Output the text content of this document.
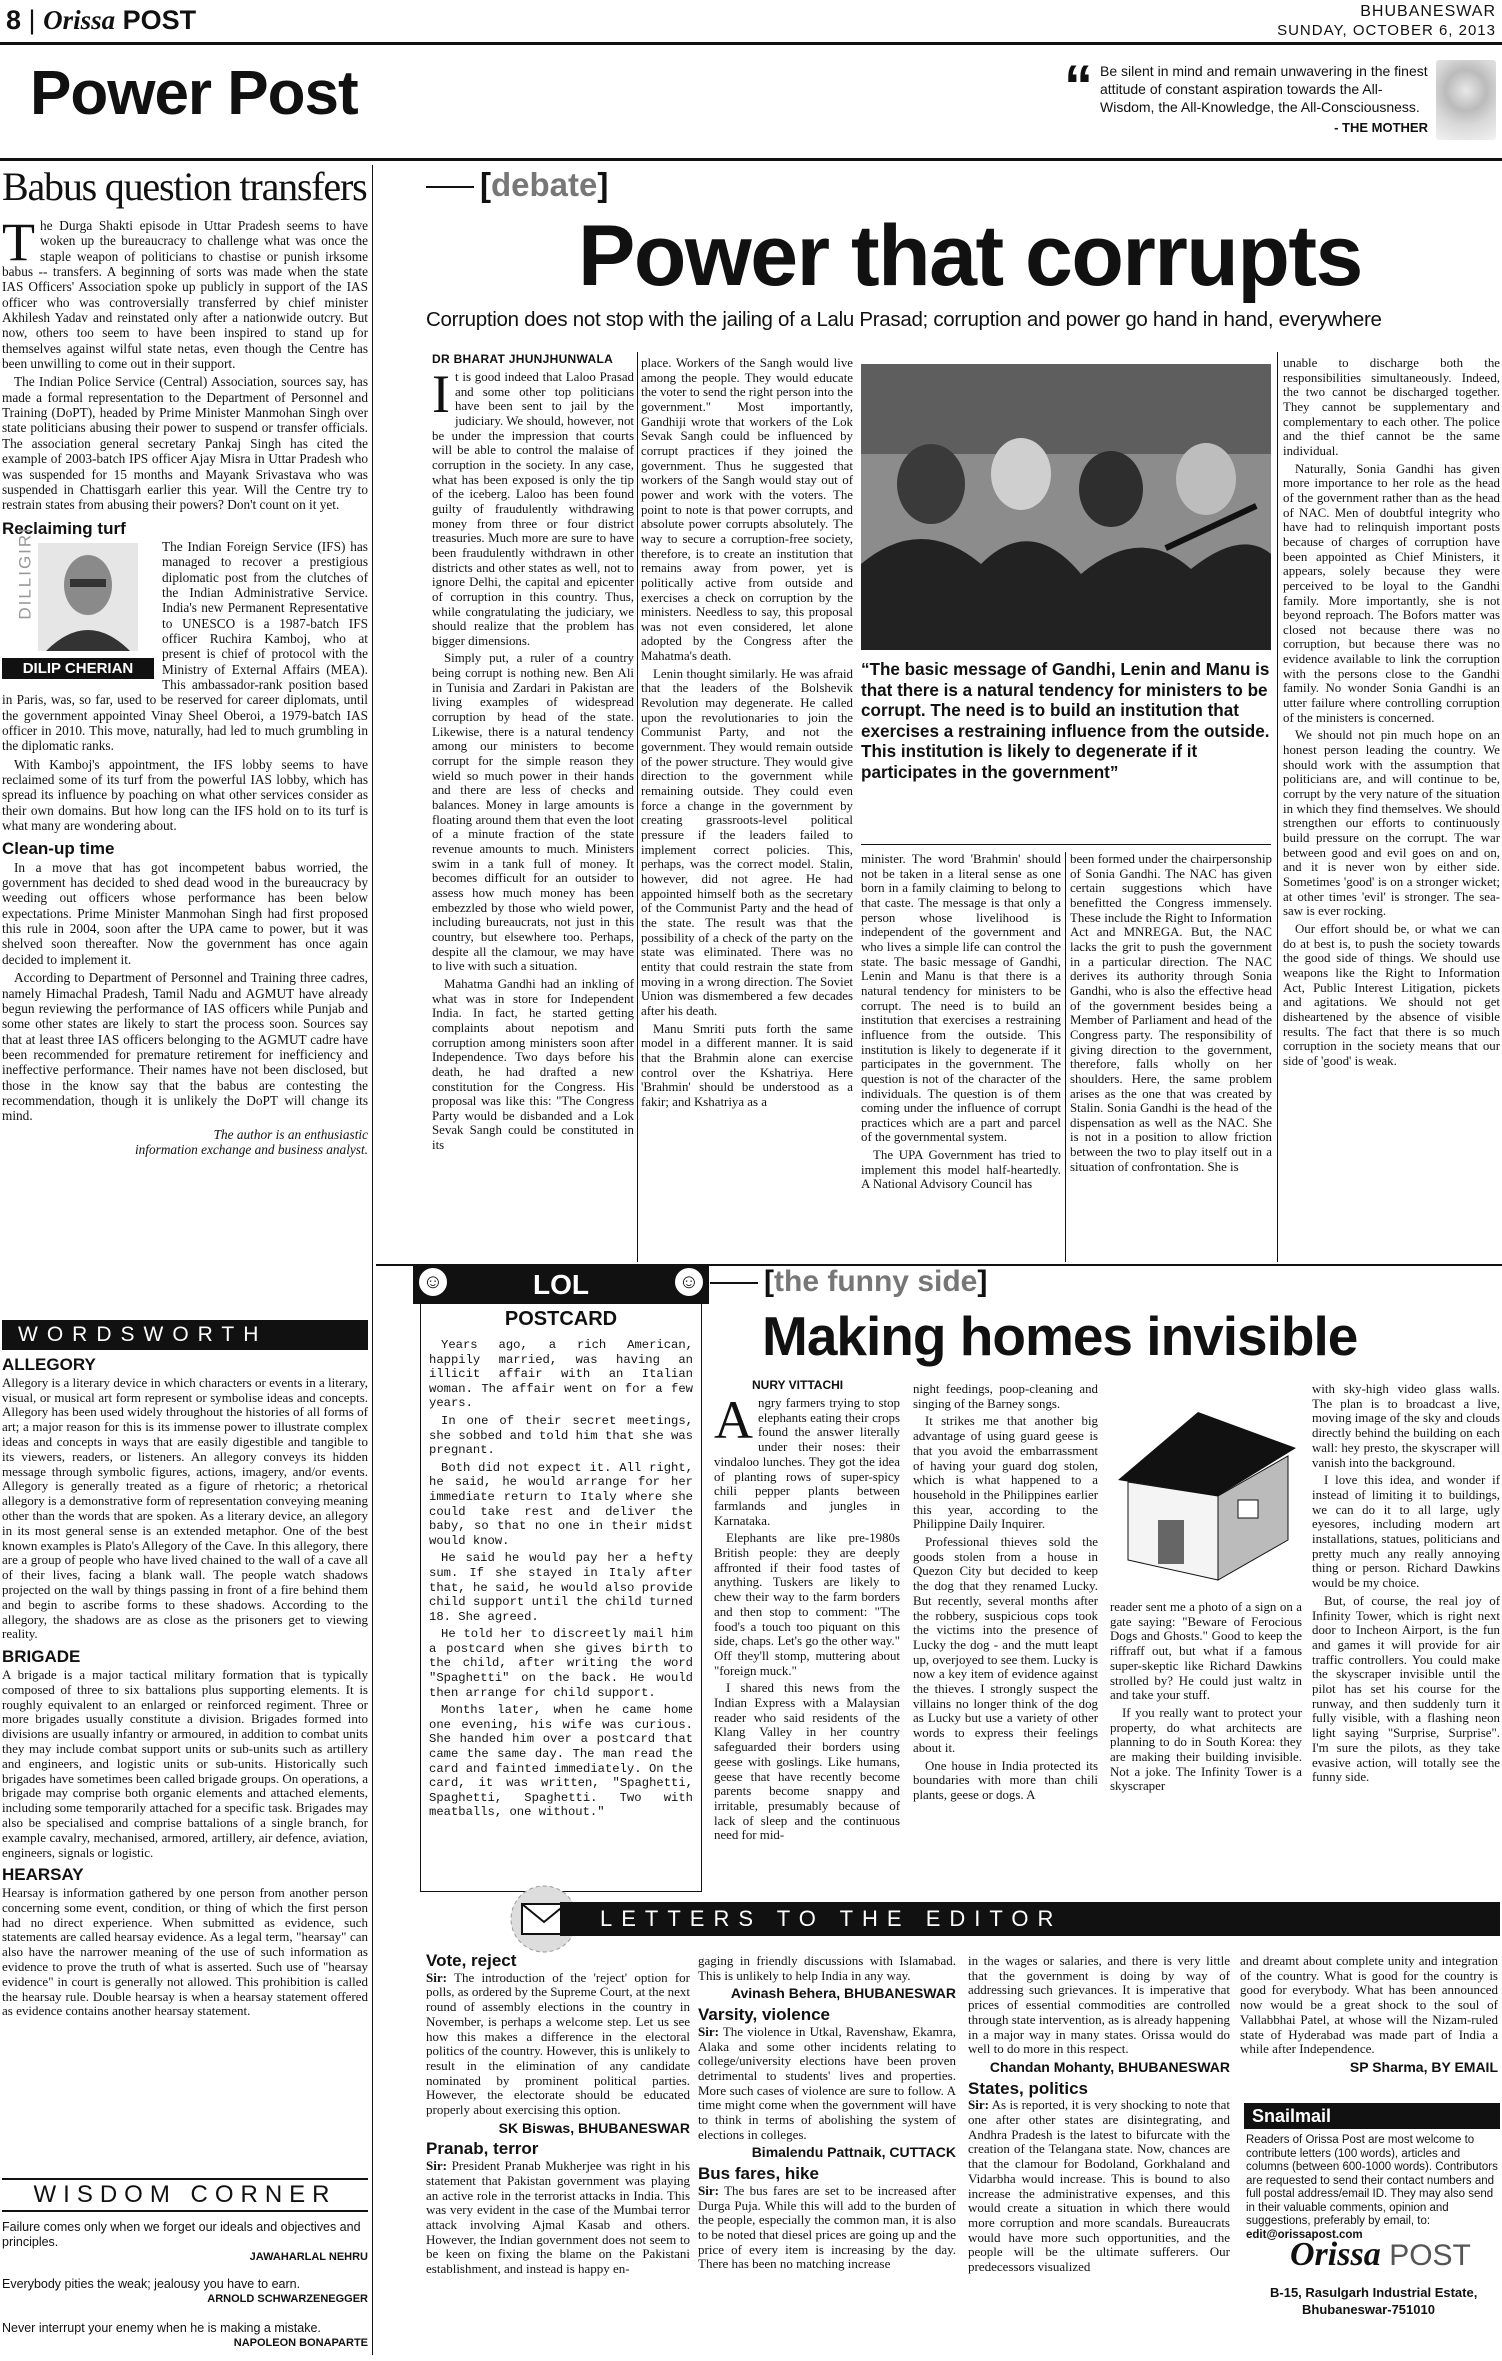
8 | Orissa POST	BHUBANESWAR
SUNDAY, OCTOBER 6, 2013
Power Post	“ Be silent in mind and remain unwavering in the finest attitude of constant aspiration towards the All-Wisdom, the All-Knowledge, the All-Consciousness.
- THE MOTHER
Babus question transfers

The Durga Shakti episode in Uttar Pradesh seems to have woken up the bureaucracy to challenge what was once the staple weapon of politicians to chastise or punish irksome babus -- transfers. A beginning of sorts was made when the state IAS Officers' Association spoke up publicly in support of the IAS officer who was controversially transferred by chief minister Akhilesh Yadav and reinstated only after a nationwide outcry. But now, others too seem to have been inspired to stand up for themselves against wilful state netas, even though the Centre has been unwilling to come out in their support.

The Indian Police Service (Central) Association, sources say, has made a formal representation to the Department of Personnel and Training (DoPT), headed by Prime Minister Manmohan Singh over state politicians abusing their power to suspend or transfer officials. The association general secretary Pankaj Singh has cited the example of 2003-batch IPS officer Ajay Misra in Uttar Pradesh who was suspended for 15 months and Mayank Srivastava who was suspended in Chattisgarh earlier this year. Will the Centre try to restrain states from abusing their powers? Don't count on it yet.

Reclaiming turf

DILLIGIRI
DILIP CHERIAN
The Indian Foreign Service (IFS) has managed to recover a prestigious diplomatic post from the clutches of the Indian Administrative Service. India's new Permanent Representative to UNESCO is a 1987-batch IFS officer Ruchira Kamboj, who at present is chief of protocol with the Ministry of External Affairs (MEA). This ambassador-rank position based in Paris, was, so far, used to be reserved for career diplomats, until the government appointed Vinay Sheel Oberoi, a 1979-batch IAS officer in 2010. This move, naturally, had led to much grumbling in the diplomatic ranks.

With Kamboj's appointment, the IFS lobby seems to have reclaimed some of its turf from the powerful IAS lobby, which has spread its influence by poaching on what other services consider as their own domains. But how long can the IFS hold on to its turf is what many are wondering about.

Clean-up time

In a move that has got incompetent babus worried, the government has decided to shed dead wood in the bureaucracy by weeding out officers whose performance has been below expectations. Prime Minister Manmohan Singh had first proposed this rule in 2004, soon after the UPA came to power, but it was shelved soon thereafter. Now the government has once again decided to implement it.

According to Department of Personnel and Training three cadres, namely Himachal Pradesh, Tamil Nadu and AGMUT have already begun reviewing the performance of IAS officers while Punjab and some other states are likely to start the process soon. Sources say that at least three IAS officers belonging to the AGMUT cadre have been recommended for premature retirement for inefficiency and ineffective performance. Their names have not been disclosed, but those in the know say that the babus are contesting the recommendation, though it is unlikely the DoPT will change its mind.

The author is an enthusiastic
information exchange and business analyst.
WORDSWORTH
ALLEGORY

Allegory is a literary device in which characters or events in a literary, visual, or musical art form represent or symbolise ideas and concepts. Allegory has been used widely throughout the histories of all forms of art; a major reason for this is its immense power to illustrate complex ideas and concepts in ways that are easily digestible and tangible to its viewers, readers, or listeners. An allegory conveys its hidden message through symbolic figures, actions, imagery, and/or events. Allegory is generally treated as a figure of rhetoric; a rhetorical allegory is a demonstrative form of representation conveying meaning other than the words that are spoken. As a literary device, an allegory in its most general sense is an extended metaphor. One of the best known examples is Plato's Allegory of the Cave. In this allegory, there are a group of people who have lived chained to the wall of a cave all of their lives, facing a blank wall. The people watch shadows projected on the wall by things passing in front of a fire behind them and begin to ascribe forms to these shadows. According to the allegory, the shadows are as close as the prisoners get to viewing reality.

BRIGADE

A brigade is a major tactical military formation that is typically composed of three to six battalions plus supporting elements. It is roughly equivalent to an enlarged or reinforced regiment. Three or more brigades usually constitute a division. Brigades formed into divisions are usually infantry or armoured, in addition to combat units they may include combat support units or sub-units such as artillery and engineers, and logistic units or sub-units. Historically such brigades have sometimes been called brigade groups. On operations, a brigade may comprise both organic elements and attached elements, including some temporarily attached for a specific task. Brigades may also be specialised and comprise battalions of a single branch, for example cavalry, mechanised, armored, artillery, air defence, aviation, engineers, signals or logistic.

HEARSAY

Hearsay is information gathered by one person from another person concerning some event, condition, or thing of which the first person had no direct experience. When submitted as evidence, such statements are called hearsay evidence. As a legal term, "hearsay" can also have the narrower meaning of the use of such information as evidence to prove the truth of what is asserted. Such use of "hearsay evidence" in court is generally not allowed. This prohibition is called the hearsay rule. Double hearsay is when a hearsay statement offered as evidence contains another hearsay statement.

WISDOM CORNER
Failure comes only when we forget our ideals and objectives and principles.
JAWAHARLAL NEHRU
Everybody pities the weak; jealousy you have to earn.
ARNOLD SCHWARZENEGGER
Never interrupt your enemy when he is making a mistake.
NAPOLEON BONAPARTE
[debate]
Power that corrupts
Corruption does not stop with the jailing of a Lalu Prasad; corruption and power go hand in hand, everywhere
DR BHARAT JHUNJHUNWALA

It is good indeed that Laloo Prasad and some other top politicians have been sent to jail by the judiciary. We should, however, not be under the impression that courts will be able to control the malaise of corruption in the society. In any case, what has been exposed is only the tip of the iceberg. Laloo has been found guilty of fraudulently withdrawing money from three or four district treasuries. Much more are sure to have been fraudulently withdrawn in other districts and other states as well, not to ignore Delhi, the capital and epicenter of corruption in this country. Thus, while congratulating the judiciary, we should realize that the problem has bigger dimensions.

Simply put, a ruler of a country being corrupt is nothing new. Ben Ali in Tunisia and Zardari in Pakistan are living examples of widespread corruption by head of the state. Likewise, there is a natural tendency among our ministers to become corrupt for the simple reason they wield so much power in their hands and there are less of checks and balances. Money in large amounts is floating around them that even the loot of a minute fraction of the state revenue amounts to much. Ministers swim in a tank full of money. It becomes difficult for an outsider to assess how much money has been embezzled by those who wield power, including bureaucrats, not just in this country, but elsewhere too. Perhaps, despite all the clamour, we may have to live with such a situation.

Mahatma Gandhi had an inkling of what was in store for Independent India. In fact, he started getting complaints about nepotism and corruption among ministers soon after Independence. Two days before his death, he had drafted a new constitution for the Congress. His proposal was like this: "The Congress Party would be disbanded and a Lok Sevak Sangh could be constituted in its

place. Workers of the Sangh would live among the people. They would educate the voter to send the right person into the government." Most importantly, Gandhiji wrote that workers of the Lok Sevak Sangh could be influenced by corrupt practices if they joined the government. Thus he suggested that workers of the Sangh would stay out of power and work with the voters. The point to note is that power corrupts, and absolute power corrupts absolutely. The way to secure a corruption-free society, therefore, is to create an institution that remains away from power, yet is politically active from outside and exercises a check on corruption by the ministers. Needless to say, this proposal was not even considered, let alone adopted by the Congress after the Mahatma's death.

Lenin thought similarly. He was afraid that the leaders of the Bolshevik Revolution may degenerate. He called upon the revolutionaries to join the Communist Party, and not the government. They would remain outside of the power structure. They would give direction to the government while remaining outside. They could even force a change in the government by creating grassroots-level political pressure if the leaders failed to implement correct policies. This, perhaps, was the correct model. Stalin, however, did not agree. He had appointed himself both as the secretary of the Communist Party and the head of the state. The result was that the possibility of a check of the party on the state was eliminated. There was no entity that could restrain the state from moving in a wrong direction. The Soviet Union was dismembered a few decades after his death.

Manu Smriti puts forth the same model in a different manner. It is said that the Brahmin alone can exercise control over the Kshatriya. Here 'Brahmin' should be understood as a fakir; and Kshatriya as a

“The basic message of Gandhi, Lenin and Manu is that there is a natural tendency for ministers to be corrupt. The need is to build an institution that exercises a restraining influence from the outside. This institution is likely to degenerate if it participates in the government”

minister. The word 'Brahmin' should not be taken in a literal sense as one born in a family claiming to belong to that caste. The message is that only a person whose livelihood is independent of the government and who lives a simple life can control the state. The basic message of Gandhi, Lenin and Manu is that there is a natural tendency for ministers to be corrupt. The need is to build an institution that exercises a restraining influence from the outside. This institution is likely to degenerate if it participates in the government. The question is not of the character of the individuals. The question is of them coming under the influence of corrupt practices which are a part and parcel of the governmental system.

The UPA Government has tried to implement this model half-heartedly. A National Advisory Council has

been formed under the chairpersonship of Sonia Gandhi. The NAC has given certain suggestions which have benefitted the Congress immensely. These include the Right to Information Act and MNREGA. But, the NAC lacks the grit to push the government in a particular direction. The NAC derives its authority through Sonia Gandhi, who is also the effective head of the government besides being a Member of Parliament and head of the Congress party. The responsibility of giving direction to the government, therefore, falls wholly on her shoulders. Here, the same problem arises as the one that was created by Stalin. Sonia Gandhi is the head of the dispensation as well as the NAC. She is not in a position to allow friction between the two to play itself out in a situation of confrontation. She is

unable to discharge both the responsibilities simultaneously. Indeed, the two cannot be discharged together. They cannot be supplementary and complementary to each other. The police and the thief cannot be the same individual.

Naturally, Sonia Gandhi has given more importance to her role as the head of the government rather than as the head of NAC. Men of doubtful integrity who have had to relinquish important posts because of charges of corruption have been appointed as Chief Ministers, it appears, solely because they were perceived to be loyal to the Gandhi family. More importantly, she is not beyond reproach. The Bofors matter was closed not because there was no corruption, but because there was no evidence available to link the corruption with the persons close to the Gandhi family. No wonder Sonia Gandhi is an utter failure where controlling corruption of the ministers is concerned.

We should not pin much hope on an honest person leading the country. We should work with the assumption that politicians are, and will continue to be, corrupt by the very nature of the situation in which they find themselves. We should strengthen our efforts to continuously build pressure on the corrupt. The war between good and evil goes on and on, and it is never won by either side. Sometimes 'good' is on a stronger wicket; at other times 'evil' is stronger. The sea-saw is ever rocking.

Our effort should be, or what we can do at best is, to push the society towards the good side of things. We should use weapons like the Right to Information Act, Public Interest Litigation, pickets and agitations. We should not get disheartened by the absence of visible results. The fact that there is so much corruption in the society means that our side of 'good' is weak.

☺	LOL	☺
POSTCARD

Years ago, a rich American, happily married, was having an illicit affair with an Italian woman. The affair went on for a few years.

In one of their secret meetings, she sobbed and told him that she was pregnant.

Both did not expect it. All right, he said, he would arrange for her immediate return to Italy where she could take rest and deliver the baby, so that no one in their midst would know.

He said he would pay her a hefty sum. If she stayed in Italy after that, he said, he would also provide child support until the child turned 18. She agreed.

He told her to discreetly mail him a postcard when she gives birth to the child, after writing the word "Spaghetti" on the back. He would then arrange for child support.

Months later, when he came home one evening, his wife was curious. She handed him over a postcard that came the same day. The man read the card and fainted immediately. On the card, it was written, "Spaghetti, Spaghetti, Spaghetti. Two with meatballs, one without."

[the funny side]
Making homes invisible
NURY VITTACHI

Angry farmers trying to stop elephants eating their crops found the answer literally under their noses: their vindaloo lunches. They got the idea of planting rows of super-spicy chili pepper plants between farmlands and jungles in Karnataka.

Elephants are like pre-1980s British people: they are deeply affronted if their food tastes of anything. Tuskers are likely to chew their way to the farm borders and then stop to comment: "The food's a touch too piquant on this side, chaps. Let's go the other way." Off they'll stomp, muttering about "foreign muck."

I shared this news from the Indian Express with a Malaysian reader who said residents of the Klang Valley in her country safeguarded their borders using geese with goslings. Like humans, geese that have recently become parents become snappy and irritable, presumably because of lack of sleep and the continuous need for mid-

night feedings, poop-cleaning and singing of the Barney songs.

It strikes me that another big advantage of using guard geese is that you avoid the embarrassment of having your guard dog stolen, which is what happened to a household in the Philippines earlier this year, according to the Philippine Daily Inquirer.

Professional thieves sold the goods stolen from a house in Quezon City but decided to keep the dog that they renamed Lucky. But recently, several months after the robbery, suspicious cops took the victims into the presence of Lucky the dog - and the mutt leapt up, overjoyed to see them. Lucky is now a key item of evidence against the thieves. I strongly suspect the villains no longer think of the dog as Lucky but use a variety of other words to express their feelings about it.

One house in India protected its boundaries with more than chili plants, geese or dogs. A

reader sent me a photo of a sign on a gate saying: "Beware of Ferocious Dogs and Ghosts." Good to keep the riffraff out, but what if a famous super-skeptic like Richard Dawkins strolled by? He could just waltz in and take your stuff.

If you really want to protect your property, do what architects are planning to do in South Korea: they are making their building invisible. Not a joke. The Infinity Tower is a skyscraper

with sky-high video glass walls. The plan is to broadcast a live, moving image of the sky and clouds directly behind the building on each wall: hey presto, the skyscraper will vanish into the background.

I love this idea, and wonder if instead of limiting it to buildings, we can do it to all large, ugly eyesores, including modern art installations, statues, politicians and pretty much any really annoying thing or person. Richard Dawkins would be my choice.

But, of course, the real joy of Infinity Tower, which is right next door to Incheon Airport, is the fun and games it will provide for air traffic controllers. You could make the skyscraper invisible until the pilot has set his course for the runway, and then suddenly turn it fully visible, with a flashing neon light saying "Surprise, Surprise". I'm sure the pilots, as they take evasive action, will totally see the funny side.

LETTERS TO THE EDITOR
Vote, reject

Sir: The introduction of the 'reject' option for polls, as ordered by the Supreme Court, at the next round of assembly elections in the country in November, is perhaps a welcome step. Let us see how this makes a difference in the electoral politics of the country. However, this is unlikely to result in the elimination of any candidate nominated by prominent political parties. However, the electorate should be educated properly about exercising this option.

SK Biswas, BHUBANESWAR
Pranab, terror

Sir: President Pranab Mukherjee was right in his statement that Pakistan government was playing an active role in the terrorist attacks in India. This was very evident in the case of the Mumbai terror attack involving Ajmal Kasab and others. However, the Indian government does not seem to be keen on fixing the blame on the Pakistani establishment, and instead is happy en-

gaging in friendly discussions with Islamabad. This is unlikely to help India in any way.

Avinash Behera, BHUBANESWAR
Varsity, violence

Sir: The violence in Utkal, Ravenshaw, Ekamra, Alaka and some other incidents relating to college/university elections have been proven detrimental to students' lives and properties. More such cases of violence are sure to follow. A time might come when the government will have to think in terms of abolishing the system of elections in colleges.

Bimalendu Pattnaik, CUTTACK
Bus fares, hike

Sir: The bus fares are set to be increased after Durga Puja. While this will add to the burden of the people, especially the common man, it is also to be noted that diesel prices are going up and the price of every item is increasing by the day. There has been no matching increase

in the wages or salaries, and there is very little that the government is doing by way of addressing such grievances. It is imperative that prices of essential commodities are controlled through state intervention, as is already happening in a major way in many states. Orissa would do well to do more in this respect.

Chandan Mohanty, BHUBANESWAR
States, politics

Sir: As is reported, it is very shocking to note that one after other states are disintegrating, and Andhra Pradesh is the latest to bifurcate with the creation of the Telangana state. Now, chances are that the clamour for Bodoland, Gorkhaland and Vidarbha would increase. This is bound to also increase the administrative expenses, and this would create a situation in which there would more corruption and more scandals. Bureaucrats would have more such opportunities, and the people will be the ultimate sufferers. Our predecessors visualized

and dreamt about complete unity and integration of the country. What is good for the country is good for everybody. What has been announced now would be a great shock to the soul of Vallabbhai Patel, at whose will the Nizam-ruled state of Hyderabad was made part of India a while after Independence.

SP Sharma, BY EMAIL
Snailmail
Readers of Orissa Post are most welcome to contribute letters (100 words), articles and columns (between 600-1000 words). Contributors are requested to send their contact numbers and full postal address/email ID. They may also send in their valuable comments, opinion and suggestions, preferably by email, to: edit@orissapost.com
Orissa POST
B-15, Rasulgarh Industrial Estate,
Bhubaneswar-751010
